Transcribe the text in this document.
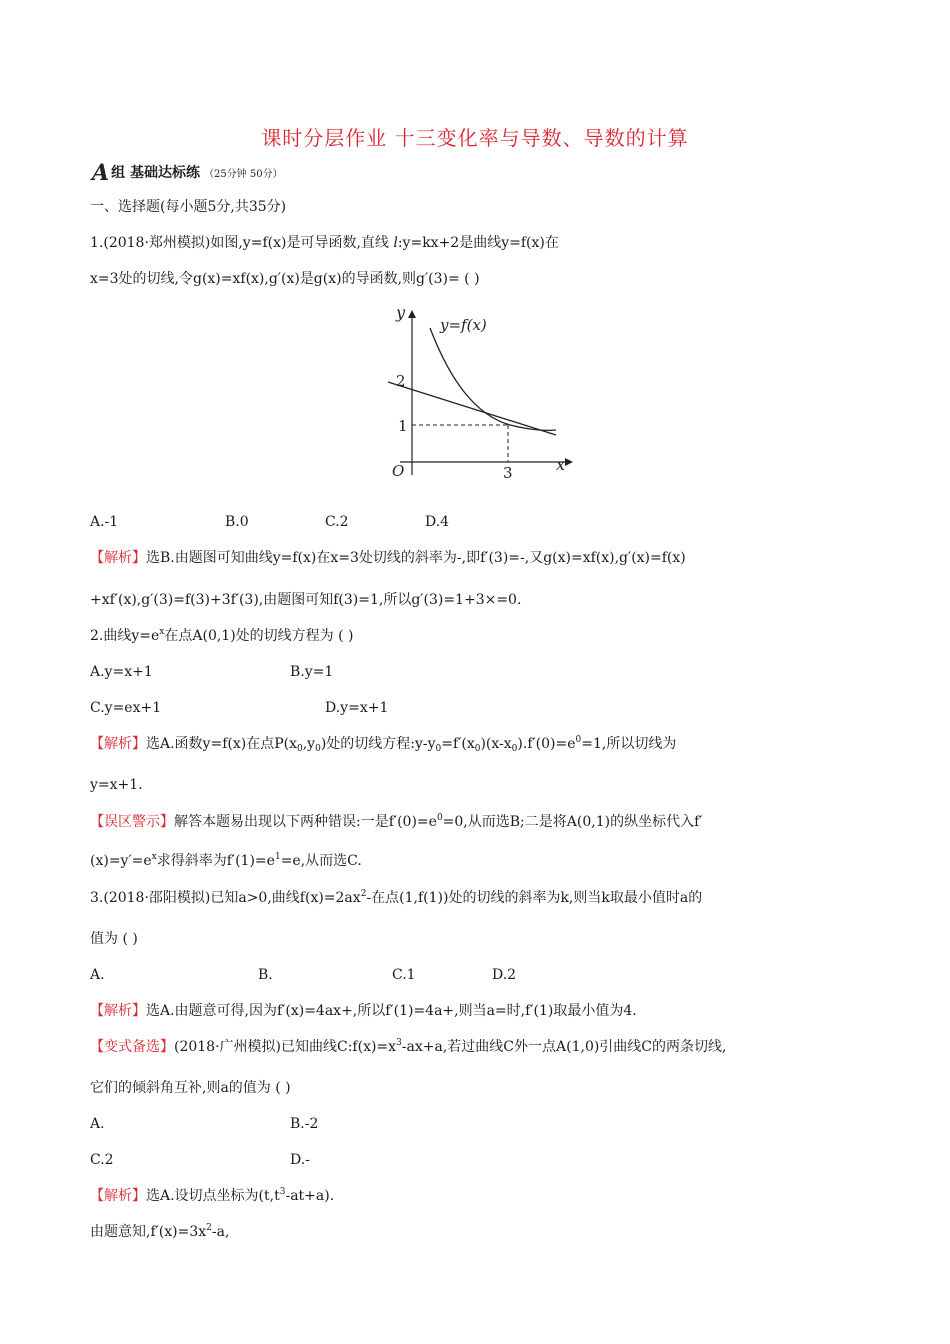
课时分层作业 十三变化率与导数、导数的计算
A组 基础达标练 （25分钟 50分）
一、选择题(每小题5分,共35分)
1.(2018·郑州模拟)如图,y=f(x)是可导函数,直线 l:y=kx+2是曲线y=f(x)在
x=3处的切线,令g(x)=xf(x),g′(x)是g(x)的导函数,则g′(3)= ( )
y
y=f(x)
2
1
O	3	x
A.-1	B.0	C.2	D.4
【解析】选B.由题图可知曲线y=f(x)在x=3处切线的斜率为-,即f′(3)=-,又g(x)=xf(x),g′(x)=f(x)
+xf′(x),g′(3)=f(3)+3f′(3),由题图可知f(3)=1,所以g′(3)=1+3×=0.
2.曲线$y=e^x$在点A(0,1)处的切线方程为 ( )
A.y=x+1	B.y=1
C.y=ex+1	D.y=x+1
【解析】选A.函数y=f(x)在点$P(x_0,y_0)$处的切线方程$:y-y_0=f'(x_0)(x-x_0).f'(0)=e^0=1$,所以切线为
y=x+1.
【误区警示】解答本题易出现以下两种错误:一是$f'(0)=e^0=0$,从而选B;二是将A(0,1)的纵坐标代入f′
$(x)=y'=e^x$求得斜率为$f'(1)=e^1=e$,从而选C.
3.(2018·邵阳模拟)已知a>0,曲线$f(x)=2ax^2-$在点(1,f(1))处的切线的斜率为k,则当k取最小值时a的
值为 ( )
A.	B.	C.1	D.2
【解析】选A.由题意可得,因为f′(x)=4ax+,所以f′(1)=4a+,则当a=时,f′(1)取最小值为4.
【变式备选】(2018·广州模拟)已知曲线$C:f(x)=x^3-ax+a$,若过曲线C外一点A(1,0)引曲线C的两条切线,
它们的倾斜角互补,则a的值为 ( )
A.	B.-2
C.2	D.-
【解析】选A.设切点坐标为$(t,t^3-at+a)$.
由题意知$,f'(x)=3x^2-a$,
